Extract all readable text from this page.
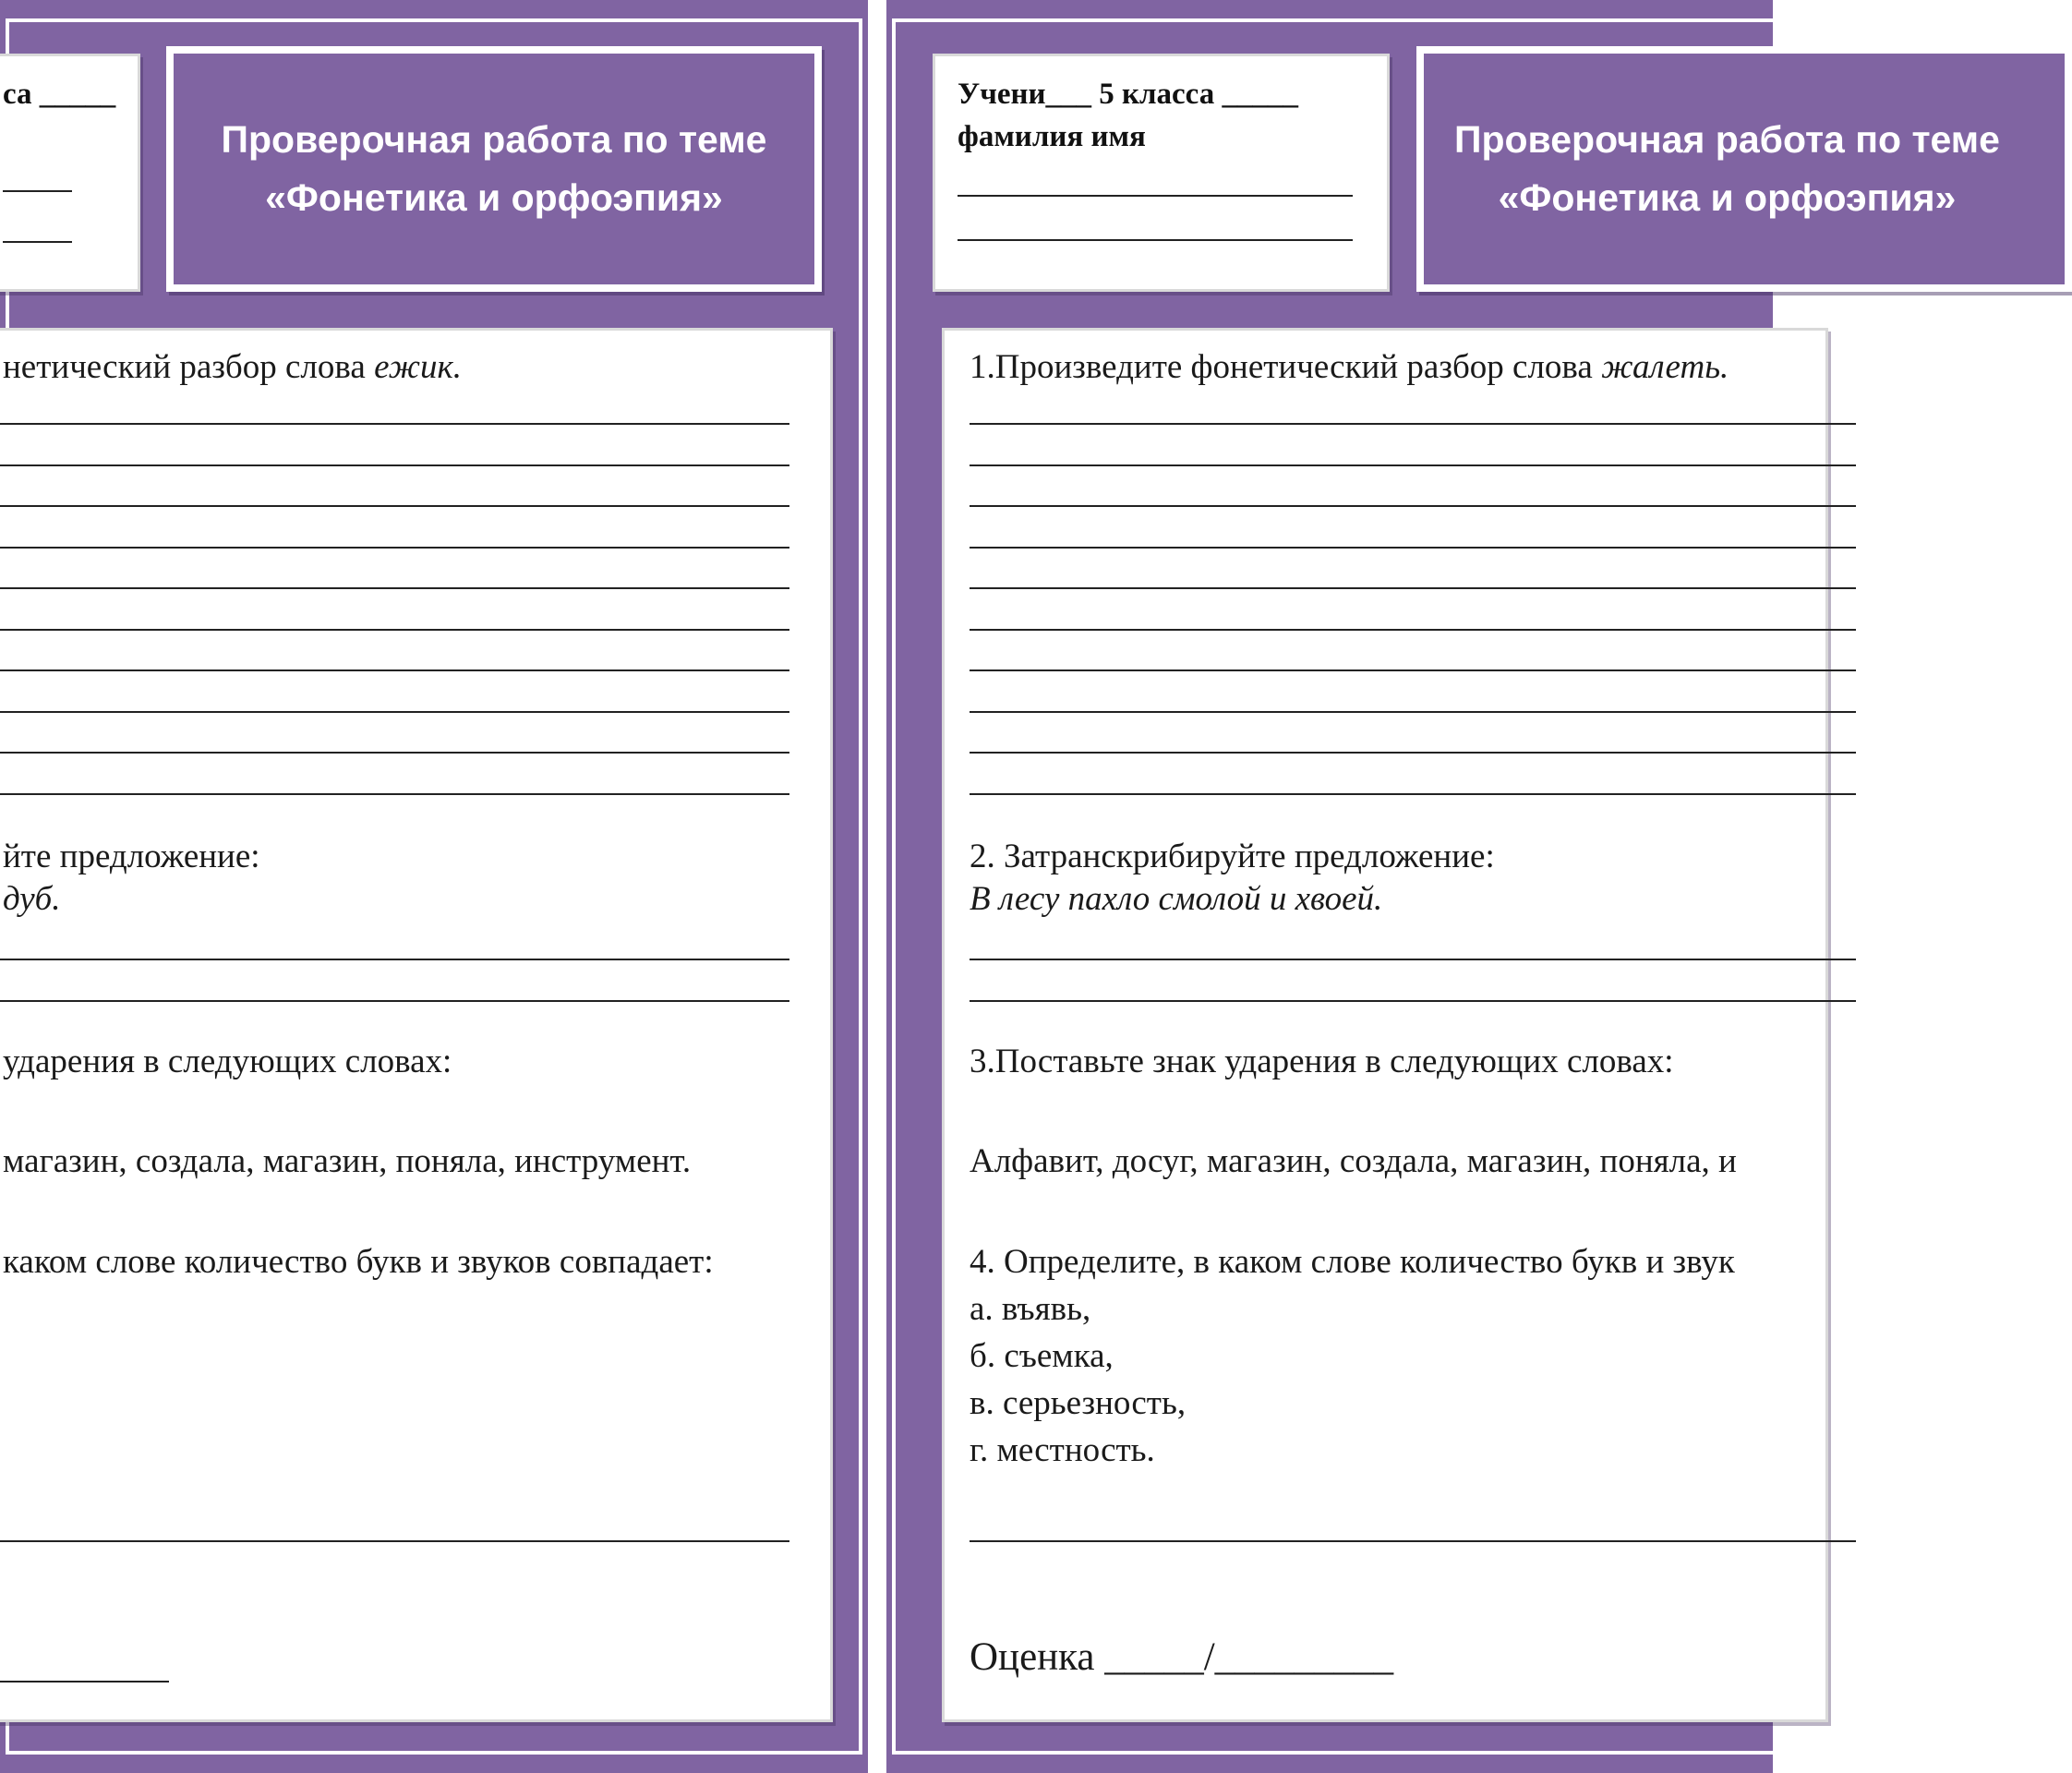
са _____
Проверочная работа по теме
«Фонетика и орфоэпия»
нетический разбор слова ежик.
йте предложение:
дуб.
ударения в следующих словах:
магазин, создала, магазин, поняла, инструмент.
каком слове количество букв и звуков совпадает:
Учени___ 5 класса _____
фамилия имя	Проверочная работа по теме
«Фонетика и орфоэпия»
1.Произведите фонетический разбор слова жалеть.
2. Затранскрибируйте предложение:
В лесу пахло смолой и хвоей.
3.Поставьте знак ударения в следующих словах:
Алфавит, досуг, магазин, создала, магазин, поняла, и
4. Определите, в каком слове количество букв и звук
а. въявь,
б. съемка,
в. серьезность,
г. местность.
Оценка _____/_________
